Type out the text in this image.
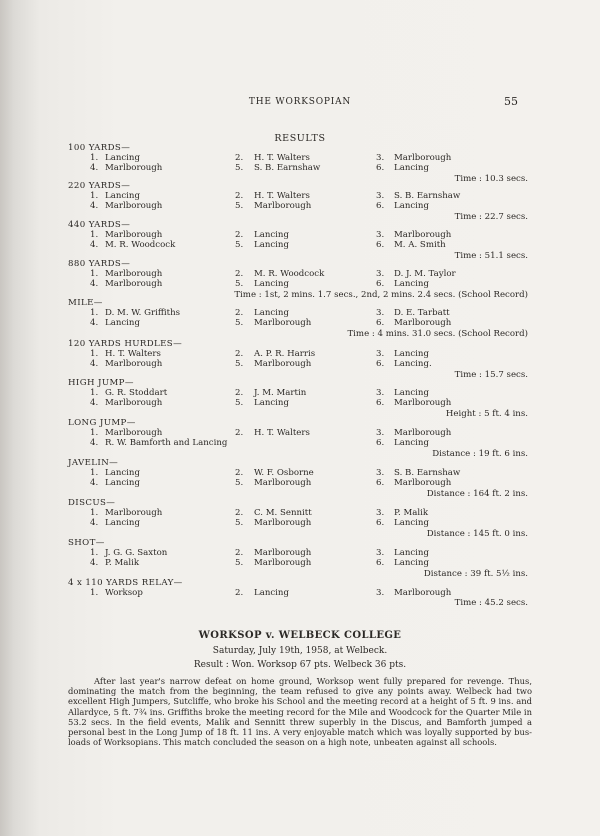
THE WORKSOPIAN	55
RESULTS
100 YARDS—
1. Lancing	2. H. T. Walters	3. Marlborough
4. Marlborough	5. S. B. Earnshaw	6. Lancing
Time : 10.3 secs.
220 YARDS—
1. Lancing	2. H. T. Walters	3. S. B. Earnshaw
4. Marlborough	5. Marlborough	6. Lancing
Time : 22.7 secs.
440 YARDS—
1. Marlborough	2. Lancing	3. Marlborough
4. M. R. Woodcock	5. Lancing	6. M. A. Smith
Time : 51.1 secs.
880 YARDS—
1. Marlborough	2. M. R. Woodcock	3. D. J. M. Taylor
4. Marlborough	5. Lancing	6. Lancing
Time : 1st, 2 mins. 1.7 secs., 2nd, 2 mins. 2.4 secs. (School Record)
MILE—
1. D. M. W. Griffiths	2. Lancing	3. D. E. Tarbatt
4. Lancing	5. Marlborough	6. Marlborough
Time : 4 mins. 31.0 secs. (School Record)
120 YARDS HURDLES—
1. H. T. Walters	2. A. P. R. Harris	3. Lancing
4. Marlborough	5. Marlborough	6. Lancing.
Time : 15.7 secs.
HIGH JUMP—
1. G. R. Stoddart	2. J. M. Martin	3. Lancing
4. Marlborough	5. Lancing	6. Marlborough
Height : 5 ft. 4 ins.
LONG JUMP—
1. Marlborough	2. H. T. Walters	3. Marlborough
4. R. W. Bamforth and Lancing	6. Lancing
Distance : 19 ft. 6 ins.
JAVELIN—
1. Lancing	2. W. F. Osborne	3. S. B. Earnshaw
4. Lancing	5. Marlborough	6. Marlborough
Distance : 164 ft. 2 ins.
DISCUS—
1. Marlborough	2. C. M. Sennitt	3. P. Malik
4. Lancing	5. Marlborough	6. Lancing
Distance : 145 ft. 0 ins.
SHOT—
1. J. G. G. Saxton	2. Marlborough	3. Lancing
4. P. Malik	5. Marlborough	6. Lancing
Distance : 39 ft. 5½ ins.
4 x 110 YARDS RELAY—
1. Worksop	2. Lancing	3. Marlborough
Time : 45.2 secs.
WORKSOP v. WELBECK COLLEGE
Saturday, July 19th, 1958, at Welbeck.
Result : Won. Worksop 67 pts. Welbeck 36 pts.
After last year's narrow defeat on home ground, Worksop went fully prepared for revenge. Thus, dominating the match from the beginning, the team refused to give any points away. Welbeck had two excellent High Jumpers, Sutcliffe, who broke his School and the meeting record at a height of 5 ft. 9 ins. and Allardyce, 5 ft. 7¾ ins. Griffiths broke the meeting record for the Mile and Woodcock for the Quarter Mile in 53.2 secs. In the field events, Malik and Sennitt threw superbly in the Discus, and Bamforth jumped a personal best in the Long Jump of 18 ft. 11 ins. A very enjoyable match which was loyally supported by bus-loads of Worksopians. This match concluded the season on a high note, unbeaten against all schools.
